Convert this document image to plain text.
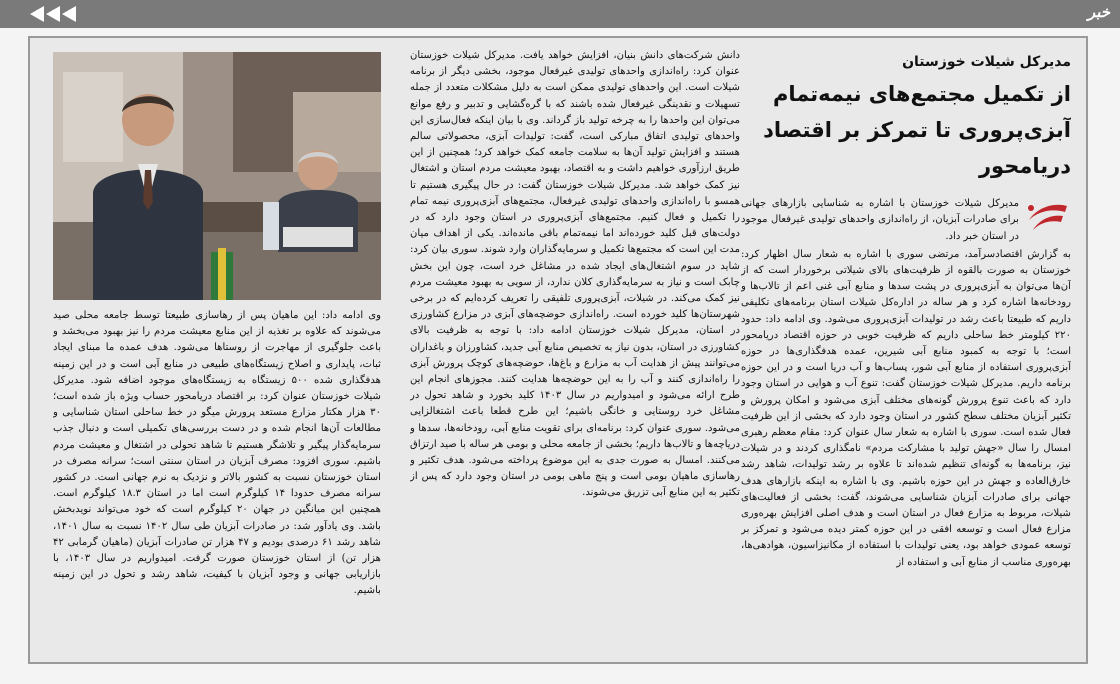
خبر
مدیرکل شیلات خوزستان
از تکمیل مجتمع‌های نیمه‌تمام آبزی‌پروری تا تمرکز بر اقتصاد دریامحور

مدیرکل شیلات خوزستان با اشاره به شناسایی بازارهای جهانی برای صادرات آبزیان، از راه‌اندازی واحدهای تولیدی غیرفعال موجود در استان خبر داد.

به گزارش اقتصادسرآمد، مرتضی سوری با اشاره به شعار سال اظهار کرد: خوزستان به صورت بالقوه از ظرفیت‌های بالای شیلاتی برخوردار است که از آن‌ها می‌توان به آبزی‌پروری در پشت سدها و منابع آبی غنی اعم از تالاب‌ها و رودخانه‌ها اشاره کرد و هر ساله در اداره‌کل شیلات استان برنامه‌های تکلیفی داریم که طبیعتا باعث رشد در تولیدات آبزی‌پروری می‌شود. وی ادامه داد: حدود ۲۲۰ کیلومتر خط ساحلی داریم که ظرفیت خوبی در حوزه اقتصاد دریامحور است؛ با توجه به کمبود منابع آبی شیرین، عمده هدفگذاری‌ها در حوزه آبزی‌پروری استفاده از منابع آبی شور، پساب‌ها و آب دریا است و در این حوزه برنامه داریم. مدیرکل شیلات خوزستان گفت: تنوع آب و هوایی در استان وجود دارد که باعث تنوع پرورش گونه‌های مختلف آبزی می‌شود و امکان پرورش و تکثیر آبزیان مختلف سطح کشور در استان وجود دارد که بخشی از این ظرفیت فعال شده است. سوری با اشاره به شعار سال عنوان کرد: مقام معظم رهبری امسال را سال «جهش تولید با مشارکت مردم» نامگذاری کردند و در شیلات نیز، برنامه‌ها به گونه‌ای تنظیم شده‌اند تا علاوه بر رشد تولیدات، شاهد رشد خارق‌العاده و جهش در این حوزه باشیم. وی با اشاره به اینکه بازارهای هدف جهانی برای صادرات آبزیان شناسایی می‌شوند، گفت: بخشی از فعالیت‌های شیلات، مربوط به مزارع فعال در استان است و هدف اصلی افزایش بهره‌وری مزارع فعال است و توسعه افقی در این حوزه کمتر دیده می‌شود و تمرکز بر توسعه عمودی خواهد بود، یعنی تولیدات با استفاده از مکانیزاسیون، هوادهی‌ها، بهره‌وری مناسب از منابع آبی و استفاده از

دانش شرکت‌های دانش بنیان، افزایش خواهد یافت. مدیرکل شیلات خوزستان عنوان کرد: راه‌اندازی واحدهای تولیدی غیرفعال موجود، بخشی دیگر از برنامه شیلات است. این واحدهای تولیدی ممکن است به دلیل مشکلات متعدد از جمله تسهیلات و نقدینگی غیرفعال شده باشند که با گره‌گشایی و تدبیر و رفع موانع می‌توان این واحدها را به چرخه تولید باز گرداند. وی با بیان اینکه فعال‌سازی این واحدهای تولیدی اتفاق مبارکی است، گفت: تولیدات آبزی، محصولاتی سالم هستند و افزایش تولید آن‌ها به سلامت جامعه کمک خواهد کرد؛ همچنین از این طریق ارزآوری خواهیم داشت و به اقتصاد، بهبود معیشت مردم استان و اشتغال نیز کمک خواهد شد. مدیرکل شیلات خوزستان گفت: در حال پیگیری هستیم تا همسو با راه‌اندازی واحدهای تولیدی غیرفعال، مجتمع‌های آبزی‌پروری نیمه تمام را تکمیل و فعال کنیم. مجتمع‌های آبزی‌پروری در استان وجود دارد که در دولت‌های قبل کلید خورده‌اند اما نیمه‌تمام باقی مانده‌اند. یکی از اهداف میان مدت این است که مجتمع‌ها تکمیل و سرمایه‌گذاران وارد شوند. سوری بیان کرد: شاید در سوم اشتغال‌های ایجاد شده در مشاغل خرد است، چون این بخش چابک است و نیاز به سرمایه‌گذاری کلان ندارد، از سویی به بهبود معیشت مردم نیز کمک می‌کند. در شیلات، آبزی‌پروری تلفیقی را تعریف کرده‌ایم که در برخی شهرستان‌ها کلید خورده است. راه‌اندازی حوضچه‌های آبزی در مزارع کشاورزی در استان، مدیرکل شیلات خوزستان ادامه داد: با توجه به ظرفیت بالای کشاورزی در استان، بدون نیاز به تخصیص منابع آبی جدید، کشاورزان و باغداران می‌توانند پیش از هدایت آب به مزارع و باغ‌ها، حوضچه‌های کوچک پرورش آبزی را راه‌اندازی کنند و آب را به این حوضچه‌ها هدایت کنند. مجوزهای انجام این طرح ارائه می‌شود و امیدواریم در سال ۱۴۰۳ کلید بخورد و شاهد تحول در مشاغل خرد روستایی و خانگی باشیم؛ این طرح قطعا باعث اشتغالزایی می‌شود. سوری عنوان کرد: برنامه‌ای برای تقویت منابع آبی، رودخانه‌ها، سدها و دریاچه‌ها و تالاب‌ها داریم؛ بخشی از جامعه محلی و بومی هر ساله با صید ارتزاق می‌کنند. امسال به صورت جدی به این موضوع پرداخته می‌شود. هدف تکثیر و رهاسازی ماهیان بومی است و پنج ماهی بومی در استان وجود دارد که پس از تکثیر به این منابع آبی تزریق می‌شوند.

وی ادامه داد: این ماهیان پس از رهاسازی طبیعتا توسط جامعه محلی صید می‌شوند که علاوه بر تغذیه از این منابع معیشت مردم را نیز بهبود می‌بخشد و باعث جلوگیری از مهاجرت از روستاها می‌شود. هدف عمده ما مبنای ایجاد ثبات، پایداری و اصلاح زیستگاه‌های طبیعی در منابع آبی است و در این زمینه هدفگذاری شده ۵۰۰ زیستگاه به زیستگاه‌های موجود اضافه شود. مدیرکل شیلات خوزستان عنوان کرد: بر اقتصاد دریامحور حساب ویژه باز شده است؛ ۳۰ هزار هکتار مزارع مستعد پرورش میگو در خط ساحلی استان شناسایی و مطالعات آن‌ها انجام شده و در دست بررسی‌های تکمیلی است و دنبال جذب سرمایه‌گذار پیگیر و تلاشگر هستیم تا شاهد تحولی در اشتغال و معیشت مردم باشیم. سوری افزود: مصرف آبزیان در استان سنتی است؛ سرانه مصرف در استان خوزستان نسبت به کشور بالاتر و نزدیک به نرم جهانی است. در کشور سرانه مصرف حدودا ۱۴ کیلوگرم است اما در استان ۱۸.۳ کیلوگرم است. همچنین این میانگین در جهان ۲۰ کیلوگرم است که خود می‌تواند نویدبخش باشد. وی یادآور شد: در صادرات آبزیان طی سال ۱۴۰۲ نسبت به سال ۱۴۰۱، شاهد رشد ۶۱ درصدی بودیم و ۴۷ هزار تن صادرات آبزیان (ماهیان گرمابی ۴۲ هزار تن) از استان خوزستان صورت گرفت. امیدواریم در سال ۱۴۰۳، با بازاریابی جهانی و وجود آبزیان با کیفیت، شاهد رشد و تحول در این زمینه باشیم.
